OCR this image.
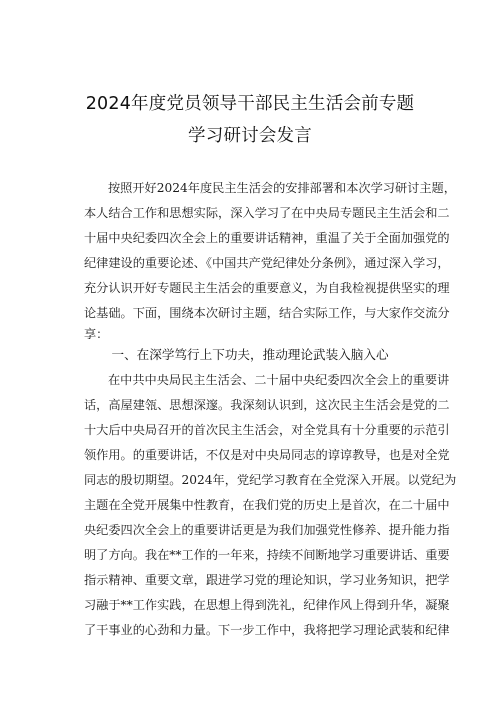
2024年度党员领导干部民主生活会前专题
学习研讨会发言
按照开好2024年度民主生活会的安排部署和本次学习研讨主题，
本人结合工作和思想实际，深入学习了在中央局专题民主生活会和二
十届中央纪委四次全会上的重要讲话精神，重温了关于全面加强党的
纪律建设的重要论述、《中国共产党纪律处分条例》，通过深入学习，
充分认识开好专题民主生活会的重要意义，为自我检视提供坚实的理
论基础。下面，围绕本次研讨主题，结合实际工作，与大家作交流分
享：
一、在深学笃行上下功夫，推动理论武装入脑入心
在中共中央局民主生活会、二十届中央纪委四次全会上的重要讲
话，高屋建瓴、思想深邃。我深刻认识到，这次民主生活会是党的二
十大后中央局召开的首次民主生活会，对全党具有十分重要的示范引
领作用。的重要讲话，不仅是对中央局同志的谆谆教导，也是对全党
同志的殷切期望。2024年，党纪学习教育在全党深入开展。以党纪为
主题在全党开展集中性教育，在我们党的历史上是首次，在二十届中
央纪委四次全会上的重要讲话更是为我们加强党性修养、提升能力指
明了方向。我在**工作的一年来，持续不间断地学习重要讲话、重要
指示精神、重要文章，跟进学习党的理论知识，学习业务知识，把学
习融于**工作实践，在思想上得到洗礼，纪律作风上得到升华，凝聚
了干事业的心劲和力量。下一步工作中，我将把学习理论武装和纪律
